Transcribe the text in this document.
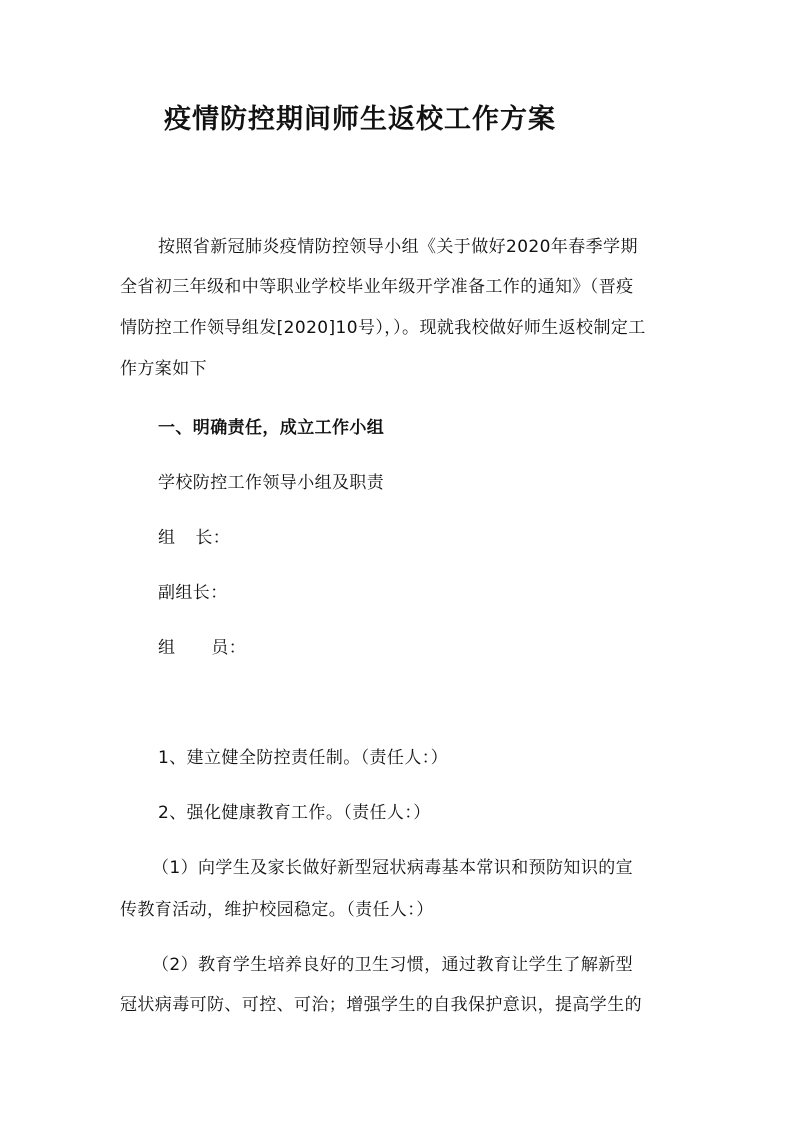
疫情防控期间师生返校工作方案
按照省新冠肺炎疫情防控领导小组《关于做好2020年春季学期
全省初三年级和中等职业学校毕业年级开学准备工作的通知》（晋疫
情防控工作领导组发[2020]10号），）。现就我校做好师生返校制定工
作方案如下
一、明确责任，成立工作小组
学校防控工作领导小组及职责
组 长：
副组长：
组 员：
1、建立健全防控责任制。（责任人：）
2、强化健康教育工作。（责任人：）
（1）向学生及家长做好新型冠状病毒基本常识和预防知识的宣
传教育活动，维护校园稳定。（责任人：）
（2）教育学生培养良好的卫生习惯，通过教育让学生了解新型
冠状病毒可防、可控、可治；增强学生的自我保护意识，提高学生的
